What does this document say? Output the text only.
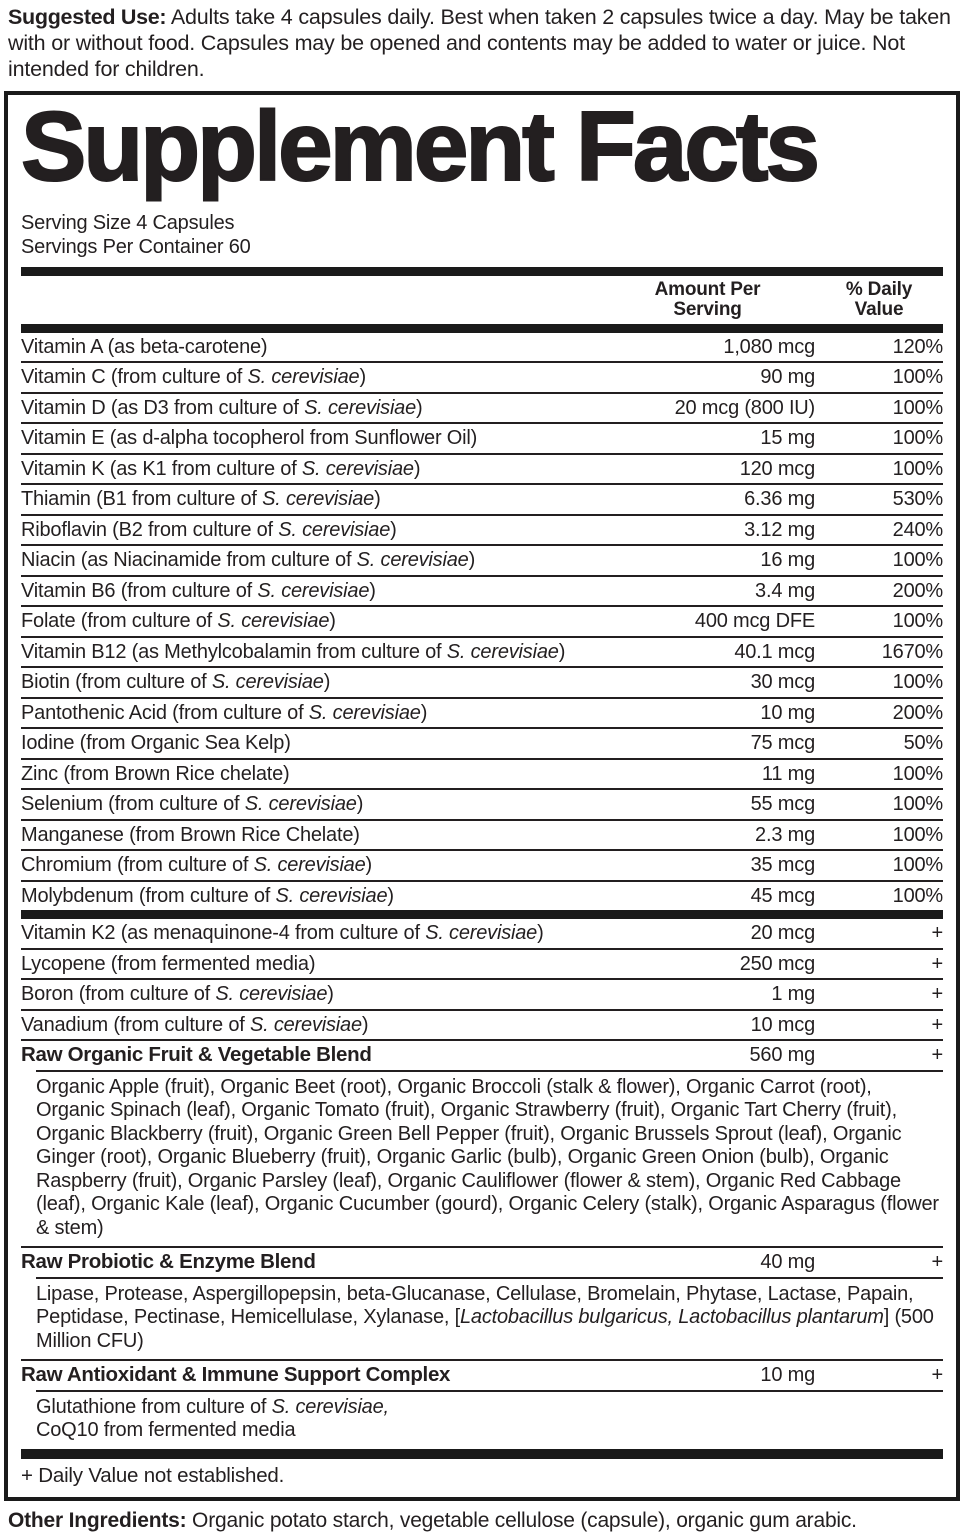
Suggested Use: Adults take 4 capsules daily. Best when taken 2 capsules twice a day. May be taken with or without food. Capsules may be opened and contents may be added to water or juice. Not intended for children.

Supplement Facts
Serving Size 4 Capsules
Servings Per Container 60
Amount Per
Serving
% Daily
Value
Vitamin A (as beta-carotene)	1,080 mcg	120%
Vitamin C (from culture of S. cerevisiae)	90 mg	100%
Vitamin D (as D3 from culture of S. cerevisiae)	20 mcg (800 IU)	100%
Vitamin E (as d-alpha tocopherol from Sunflower Oil)	15 mg	100%
Vitamin K (as K1 from culture of S. cerevisiae)	120 mcg	100%
Thiamin (B1 from culture of S. cerevisiae)	6.36 mg	530%
Riboflavin (B2 from culture of S. cerevisiae)	3.12 mg	240%
Niacin (as Niacinamide from culture of S. cerevisiae)	16 mg	100%
Vitamin B6 (from culture of S. cerevisiae)	3.4 mg	200%
Folate (from culture of S. cerevisiae)	400 mcg DFE	100%
Vitamin B12 (as Methylcobalamin from culture of S. cerevisiae)	40.1 mcg	1670%
Biotin (from culture of S. cerevisiae)	30 mcg	100%
Pantothenic Acid (from culture of S. cerevisiae)	10 mg	200%
Iodine (from Organic Sea Kelp)	75 mcg	50%
Zinc (from Brown Rice chelate)	11 mg	100%
Selenium (from culture of S. cerevisiae)	55 mcg	100%
Manganese (from Brown Rice Chelate)	2.3 mg	100%
Chromium (from culture of S. cerevisiae)	35 mcg	100%
Molybdenum (from culture of S. cerevisiae)	45 mcg	100%
Vitamin K2 (as menaquinone-4 from culture of S. cerevisiae)	20 mcg	+
Lycopene (from fermented media)	250 mcg	+
Boron (from culture of S. cerevisiae)	1 mg	+
Vanadium (from culture of S. cerevisiae)	10 mcg	+
Raw Organic Fruit & Vegetable Blend	560 mg	+
Organic Apple (fruit), Organic Beet (root), Organic Broccoli (stalk & flower), Organic Carrot (root), Organic Spinach (leaf), Organic Tomato (fruit), Organic Strawberry (fruit), Organic Tart Cherry (fruit), Organic Blackberry (fruit), Organic Green Bell Pepper (fruit), Organic Brussels Sprout (leaf), Organic Ginger (root), Organic Blueberry (fruit), Organic Garlic (bulb), Organic Green Onion (bulb), Organic Raspberry (fruit), Organic Parsley (leaf), Organic Cauliflower (flower & stem), Organic Red Cabbage (leaf), Organic Kale (leaf), Organic Cucumber (gourd), Organic Celery (stalk), Organic Asparagus (flower & stem)
Raw Probiotic & Enzyme Blend	40 mg	+
Lipase, Protease, Aspergillopepsin, beta-Glucanase, Cellulase, Bromelain, Phytase, Lactase, Papain, Peptidase, Pectinase, Hemicellulase, Xylanase, [Lactobacillus bulgaricus, Lactobacillus plantarum] (500 Million CFU)
Raw Antioxidant & Immune Support Complex	10 mg	+
Glutathione from culture of S. cerevisiae,
CoQ10 from fermented media
+ Daily Value not established.

Other Ingredients: Organic potato starch, vegetable cellulose (capsule), organic gum arabic.
